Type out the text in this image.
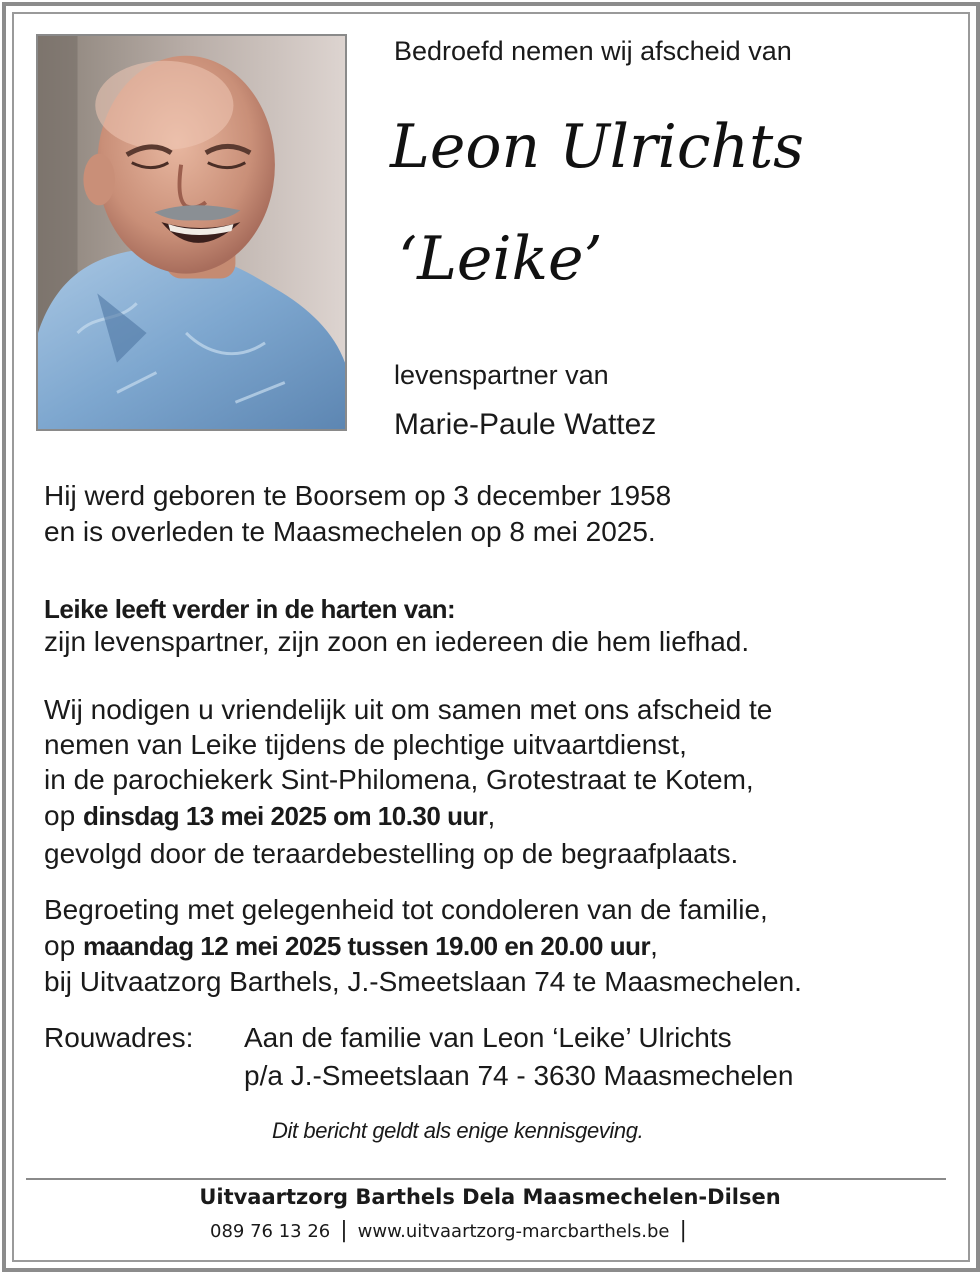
Bedroefd nemen wij afscheid van
Leon Ulrichts
‘Leike’
levenspartner van
Marie-Paule Wattez
Hij werd geboren te Boorsem op 3 december 1958
en is overleden te Maasmechelen op 8 mei 2025.
Leike leeft verder in de harten van:
zijn levenspartner, zijn zoon en iedereen die hem liefhad.
Wij nodigen u vriendelijk uit om samen met ons afscheid te
nemen van Leike tijdens de plechtige uitvaartdienst,
in de parochiekerk Sint-Philomena, Grotestraat te Kotem,
op dinsdag 13 mei 2025 om 10.30 uur,
gevolgd door de teraardebestelling op de begraafplaats.
Begroeting met gelegenheid tot condoleren van de familie,
op maandag 12 mei 2025 tussen 19.00 en 20.00 uur,
bij Uitvaatzorg Barthels, J.-Smeetslaan 74 te Maasmechelen.
Rouwadres: Aan de familie van Leon ‘Leike’ Ulrichts
p/a J.-Smeetslaan 74 - 3630 Maasmechelen
Dit bericht geldt als enige kennisgeving.
Uitvaartzorg Barthels Dela Maasmechelen-Dilsen
089 76 13 26 | www.uitvaartzorg-marcbarthels.be |
